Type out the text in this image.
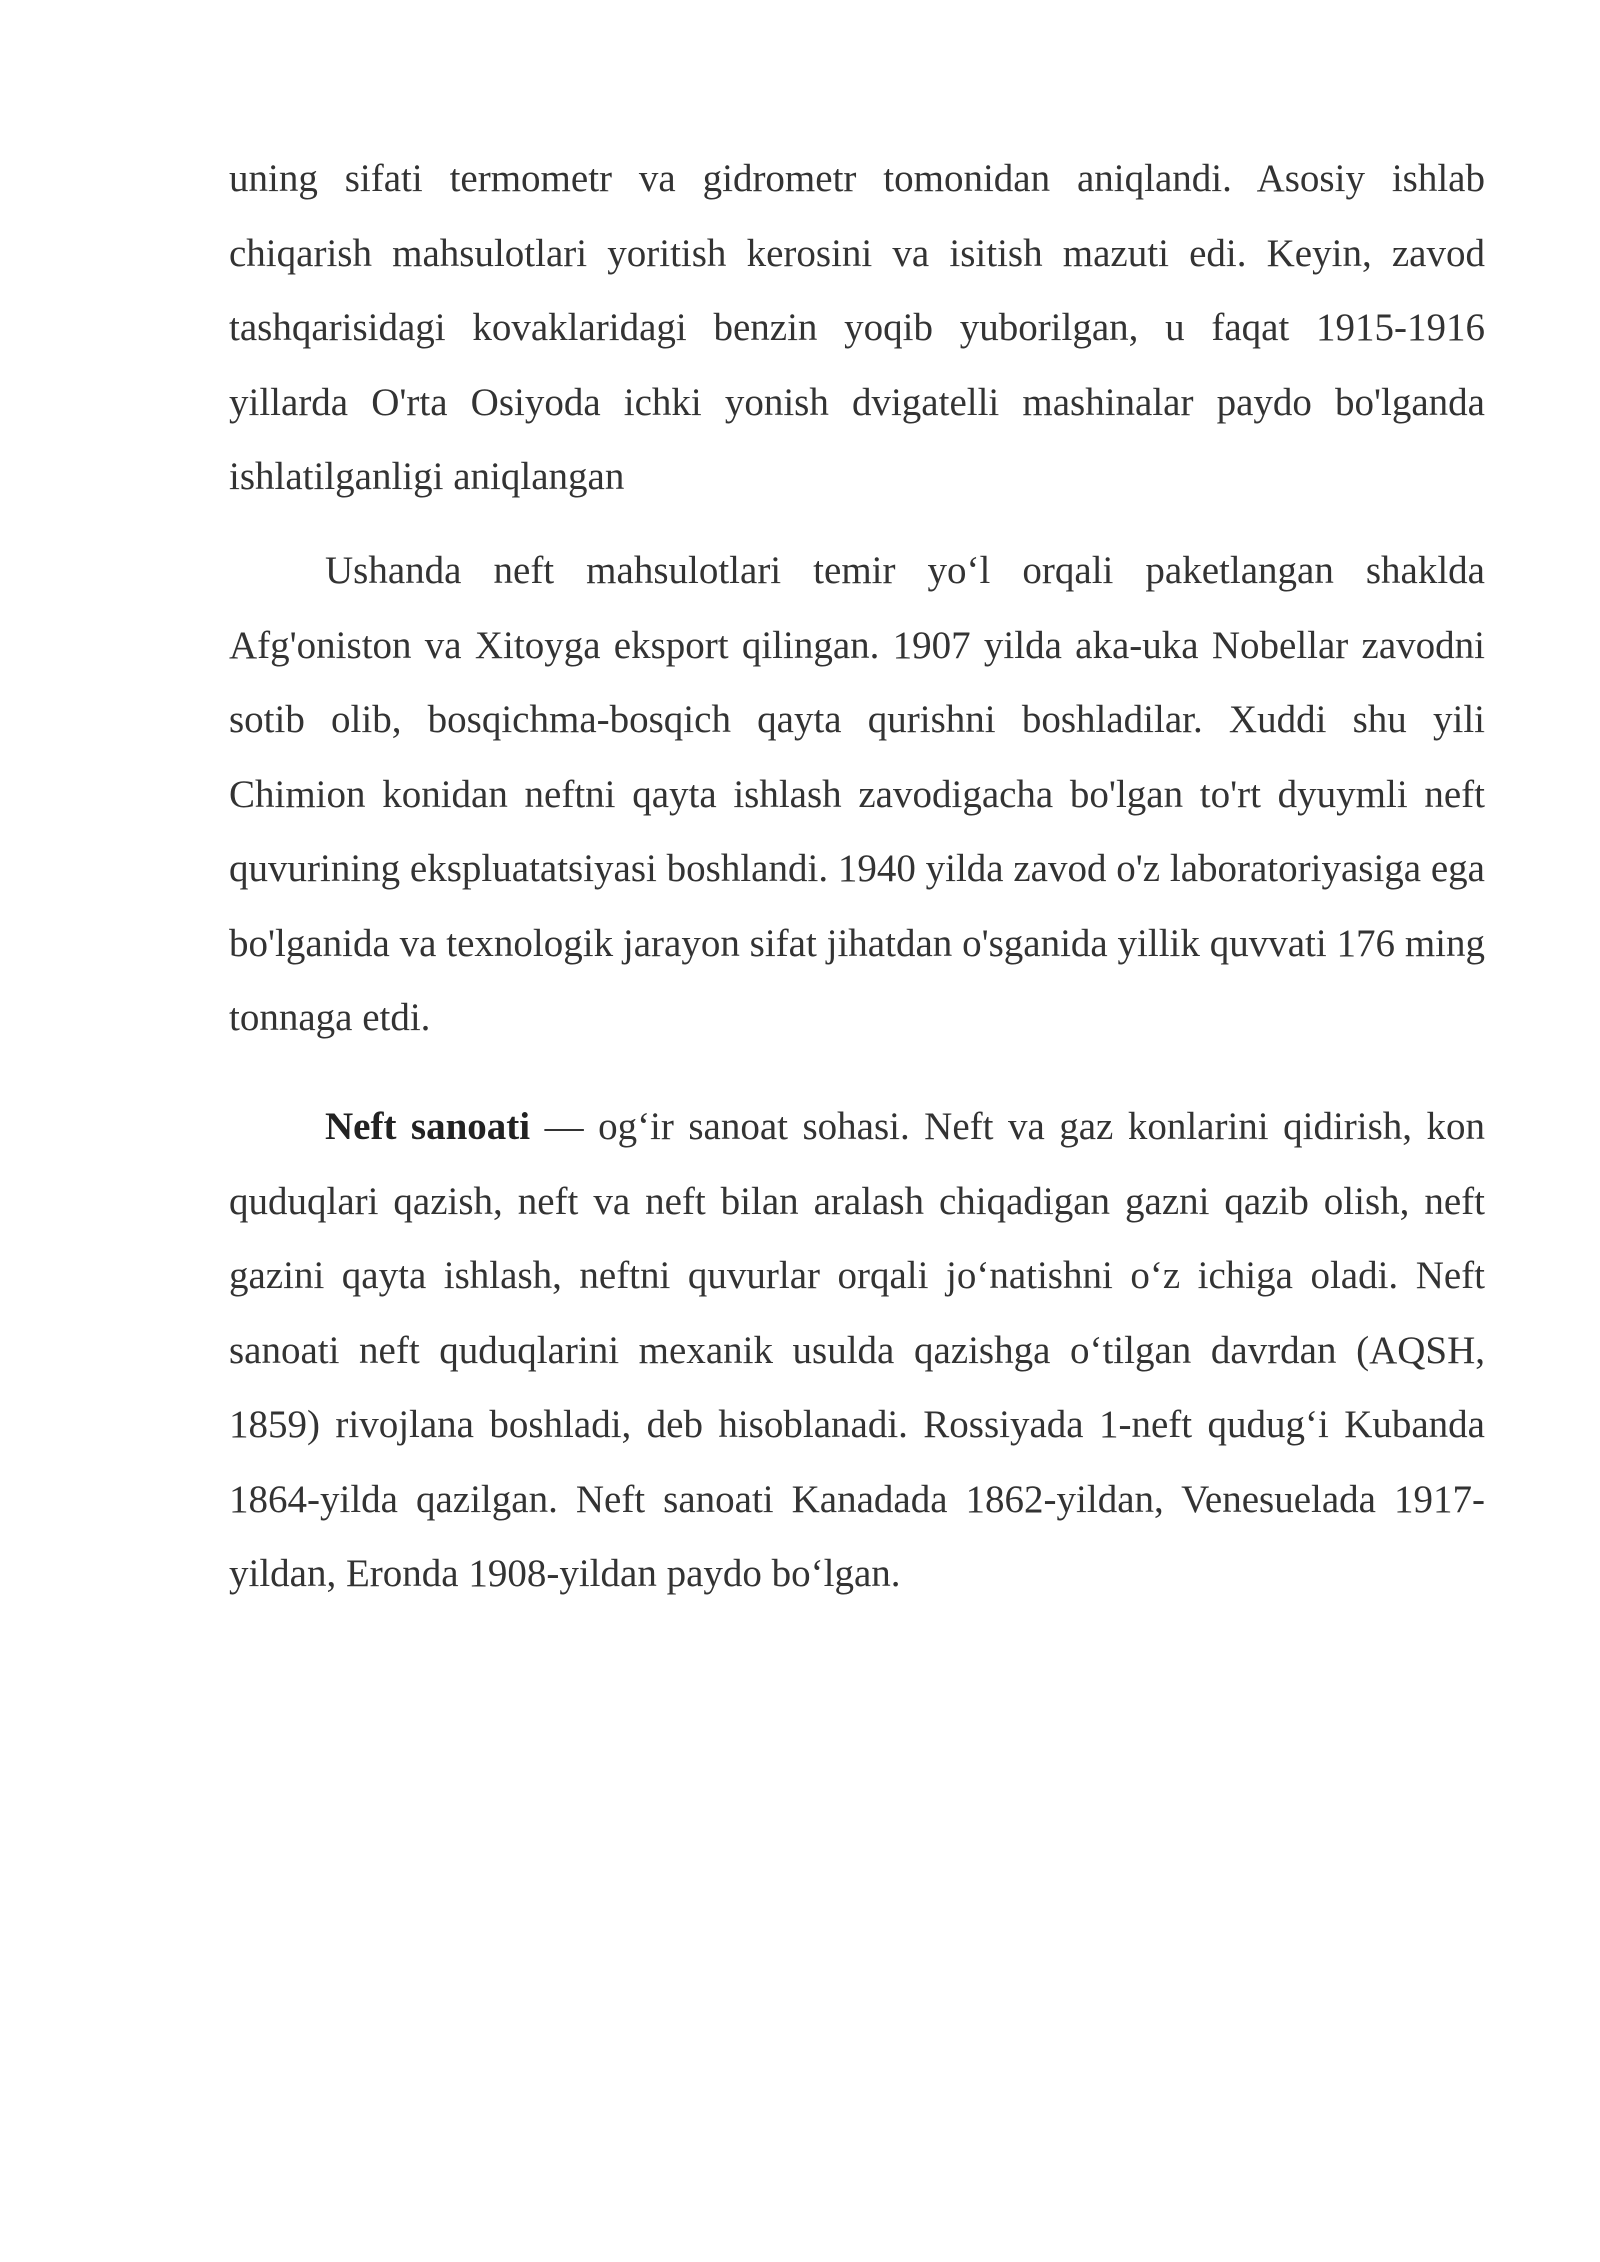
uning sifati termometr va gidrometr tomonidan aniqlandi. Asosiy ishlab chiqarish mahsulotlari yoritish kerosini va isitish mazuti edi. Keyin, zavod tashqarisidagi kovaklaridagi benzin yoqib yuborilgan, u faqat 1915-1916 yillarda O'rta Osiyoda ichki yonish dvigatelli mashinalar paydo bo'lganda ishlatilganligi aniqlangan

Ushanda neft mahsulotlari temir yo‘l orqali paketlangan shaklda Afg'oniston va Xitoyga eksport qilingan. 1907 yilda aka-uka Nobellar zavodni sotib olib, bosqichma-bosqich qayta qurishni boshladilar. Xuddi shu yili Chimion konidan neftni qayta ishlash zavodigacha bo'lgan to'rt dyuymli neft quvurining ekspluatatsiyasi boshlandi. 1940 yilda zavod o'z laboratoriyasiga ega bo'lganida va texnologik jarayon sifat jihatdan o'sganida yillik quvvati 176 ming tonnaga etdi.

Neft sanoati — og‘ir sanoat sohasi. Neft va gaz konlarini qidirish, kon quduqlari qazish, neft va neft bilan aralash chiqadigan gazni qazib olish, neft gazini qayta ishlash, neftni quvurlar orqali jo‘natishni o‘z ichiga oladi. Neft sanoati neft quduqlarini mexanik usulda qazishga o‘tilgan davrdan (AQSH, 1859) rivojlana boshladi, deb hisoblanadi. Rossiyada 1-neft qudug‘i Kubanda 1864-yilda qazilgan. Neft sanoati Kanadada 1862-yildan, Venesuelada 1917-yildan, Eronda 1908-yildan paydo bo‘lgan.
